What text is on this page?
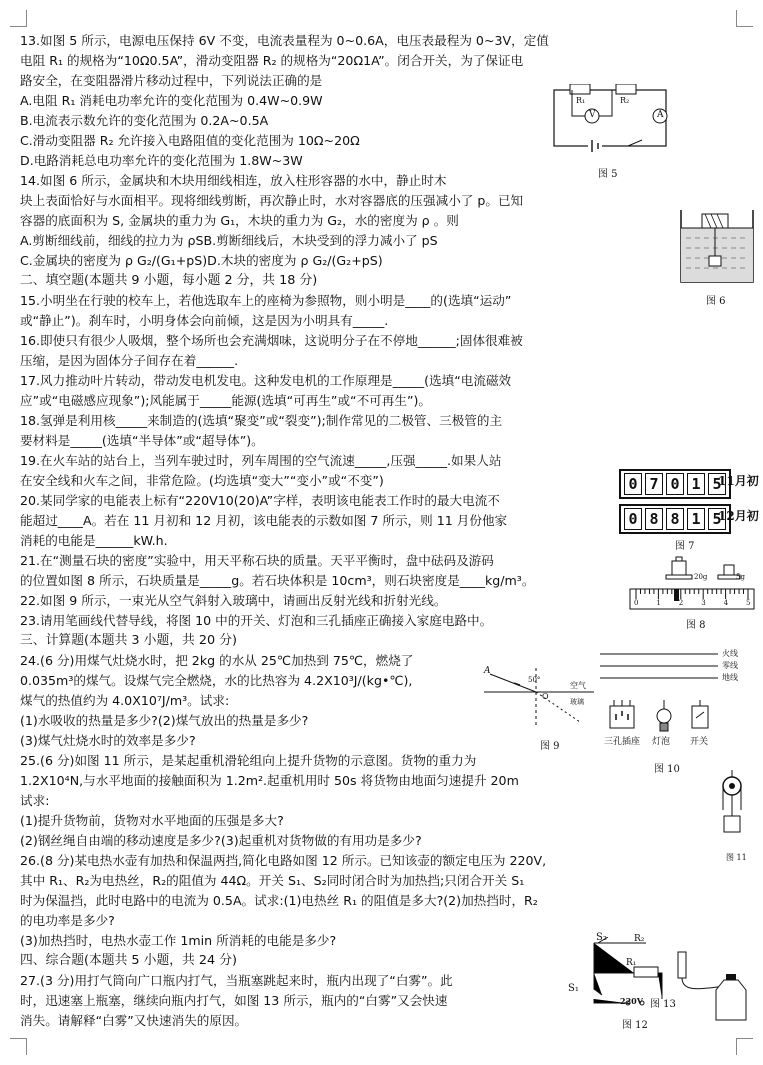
13.如图 5 所示，电源电压保持 6V 不变，电流表量程为 0~0.6A，电压表最程为 0~3V，定值
电阻 R₁ 的规格为“10Ω0.5A”，滑动变阻器 R₂ 的规格为“20Ω1A”。闭合开关，为了保证电
路安全，在变阻器滑片移动过程中，下列说法正确的是
A.电阻 R₁ 消耗电功率允许的变化范围为 0.4W~0.9W
B.电流表示数允许的变化范围为 0.2A~0.5A
C.滑动变阻器 R₂ 允许接入电路阻值的变化范围为 10Ω~20Ω
D.电路消耗总电功率允许的变化范围为 1.8W~3W
14.如图 6 所示，金属块和木块用细线相连，放入柱形容器的水中，静止时木
块上表面恰好与水面相平。现将细线剪断，再次静止时，水对容器底的压强减小了 p。已知
容器的底面积为 S, 金属块的重力为 G₁，木块的重力为 G₂，水的密度为 ρ 。则
A.剪断细线前，细线的拉力为 ρSB.剪断细线后，木块受到的浮力减小了 pS
C.金属块的密度为 ρ G₂/(G₁+pS)D.木块的密度为 ρ G₂/(G₂+pS)
二、填空题(本题共 9 小题，每小题 2 分，共 18 分)
15.小明坐在行驶的校车上，若他选取车上的座椅为参照物，则小明是____的(选填“运动”
或“静止”)。刹车时，小明身体会向前倾，这是因为小明具有_____.
16.即使只有很少人吸烟，整个场所也会充满烟味，这说明分子在不停地______;固体很难被
压缩，是因为固体分子间存在着______.
17.风力推动叶片转动，带动发电机发电。这种发电机的工作原理是_____(选填“电流磁效
应”或“电磁感应现象”);风能属于_____能源(选填“可再生”或“不可再生”)。
18.氢弹是利用核_____来制造的(选填“聚变”或“裂变”);制作常见的二极管、三极管的主
要材料是_____(选填“半导体”或“超导体”)。
19.在火车站的站台上，当列车驶过时，列车周围的空气流速_____,压强_____.如果人站
在安全线和火车之间，非常危险。(均选填“变大”“变小”或“不变”)
20.某同学家的电能表上标有“220V10(20)A”字样，表明该电能表工作时的最大电流不
能超过____A。若在 11 月初和 12 月初，该电能表的示数如图 7 所示，则 11 月份他家
消耗的电能是______kW.h.
21.在“测量石块的密度”实验中，用天平称石块的质量。天平平衡时，盘中砝码及游码
的位置如图 8 所示，石块质量是_____g。若石块体积是 10cm³，则石块密度是____kg/m³。
22.如图 9 所示，一束光从空气斜射入玻璃中，请画出反射光线和折射光线。
23.请用笔画线代替导线，将图 10 中的开关、灯泡和三孔插座正确接入家庭电路中。
三、计算题(本题共 3 小题，共 20 分)
24.(6 分)用煤气灶烧水时，把 2kg 的水从 25℃加热到 75℃，燃烧了
0.035m³的煤气。设煤气完全燃烧，水的比热容为 4.2X10³J/(kg•℃),
煤气的热值约为 4.0X10⁷J/m³。试求:
(1)水吸收的热量是多少?(2)煤气放出的热量是多少?
(3)煤气灶烧水时的效率是多少?
25.(6 分)如图 11 所示，是某起重机滑轮组向上提升货物的示意图。货物的重力为
1.2X10⁴N,与水平地面的接触面积为 1.2m².起重机用时 50s 将货物由地面匀速提升 20m
试求:
(1)提升货物前，货物对水平地面的压强是多大?
(2)钢丝绳自由端的移动速度是多少?(3)起重机对货物做的有用功是多少?
26.(8 分)某电热水壶有加热和保温两挡,简化电路如图 12 所示。已知该壶的额定电压为 220V,
其中 R₁、R₂为电热丝，R₂的阻值为 44Ω。开关 S₁、S₂同时闭合时为加热挡;只闭合开关 S₁
时为保温挡，此时电路中的电流为 0.5A。试求:(1)电热丝 R₁ 的阻值是多大?(2)加热挡时，R₂
的电功率是多少?
(3)加热挡时，电热水壶工作 1min 所消耗的电能是多少?
四、综合题(本题共 5 小题，共 24 分)
27.(3 分)用打气筒向广口瓶内打气，当瓶塞跳起来时，瓶内出现了“白雾”。此
时，迅速塞上瓶塞，继续向瓶内打气，如图 13 所示，瓶内的“白雾”又会快速
消失。请解释“白雾”又快速消失的原因。
R₁	R₂
V	A
图 5
图 6
0 7 0 1 5
11月初
0 8 8 1 5
12月初
图 7
20g	5g
0	1	2	3	4	5
图 8
A
50°
空气
玻璃
O
图 9
火线
零线
地线
三孔插座 灯泡 开关
图 10
图 11
S₂	R₂
R₁
S₁
220V 图 13
图 12
